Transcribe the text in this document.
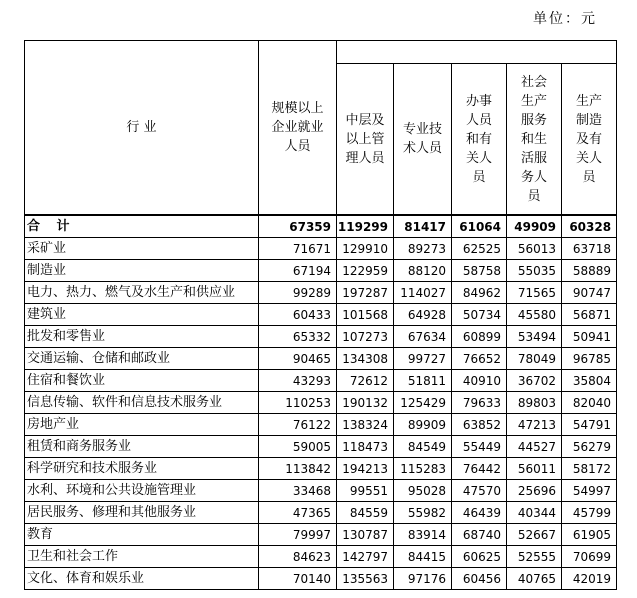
单位：元
行 业	规模以上企业就业人员					
		中层及以上管理人员	专业技术人员	办事人员和有关人员	社会生产服务和生活服务人员	生产制造及有关人员
合 计	67359	119299	81417	61064	49909	60328
采矿业	71671	129910	89273	62525	56013	63718
制造业	67194	122959	88120	58758	55035	58889
电力、热力、燃气及水生产和供应业	99289	197287	114027	84962	71565	90747
建筑业	60433	101568	64928	50734	45580	56871
批发和零售业	65332	107273	67634	60899	53494	50941
交通运输、仓储和邮政业	90465	134308	99727	76652	78049	96785
住宿和餐饮业	43293	72612	51811	40910	36702	35804
信息传输、软件和信息技术服务业	110253	190132	125429	79633	89803	82040
房地产业	76122	138324	89909	63852	47213	54791
租赁和商务服务业	59005	118473	84549	55449	44527	56279
科学研究和技术服务业	113842	194213	115283	76442	56011	58172
水利、环境和公共设施管理业	33468	99551	95028	47570	25696	54997
居民服务、修理和其他服务业	47365	84559	55982	46439	40344	45799
教育	79997	130787	83914	68740	52667	61905
卫生和社会工作	84623	142797	84415	60625	52555	70699
文化、体育和娱乐业	70140	135563	97176	60456	40765	42019
